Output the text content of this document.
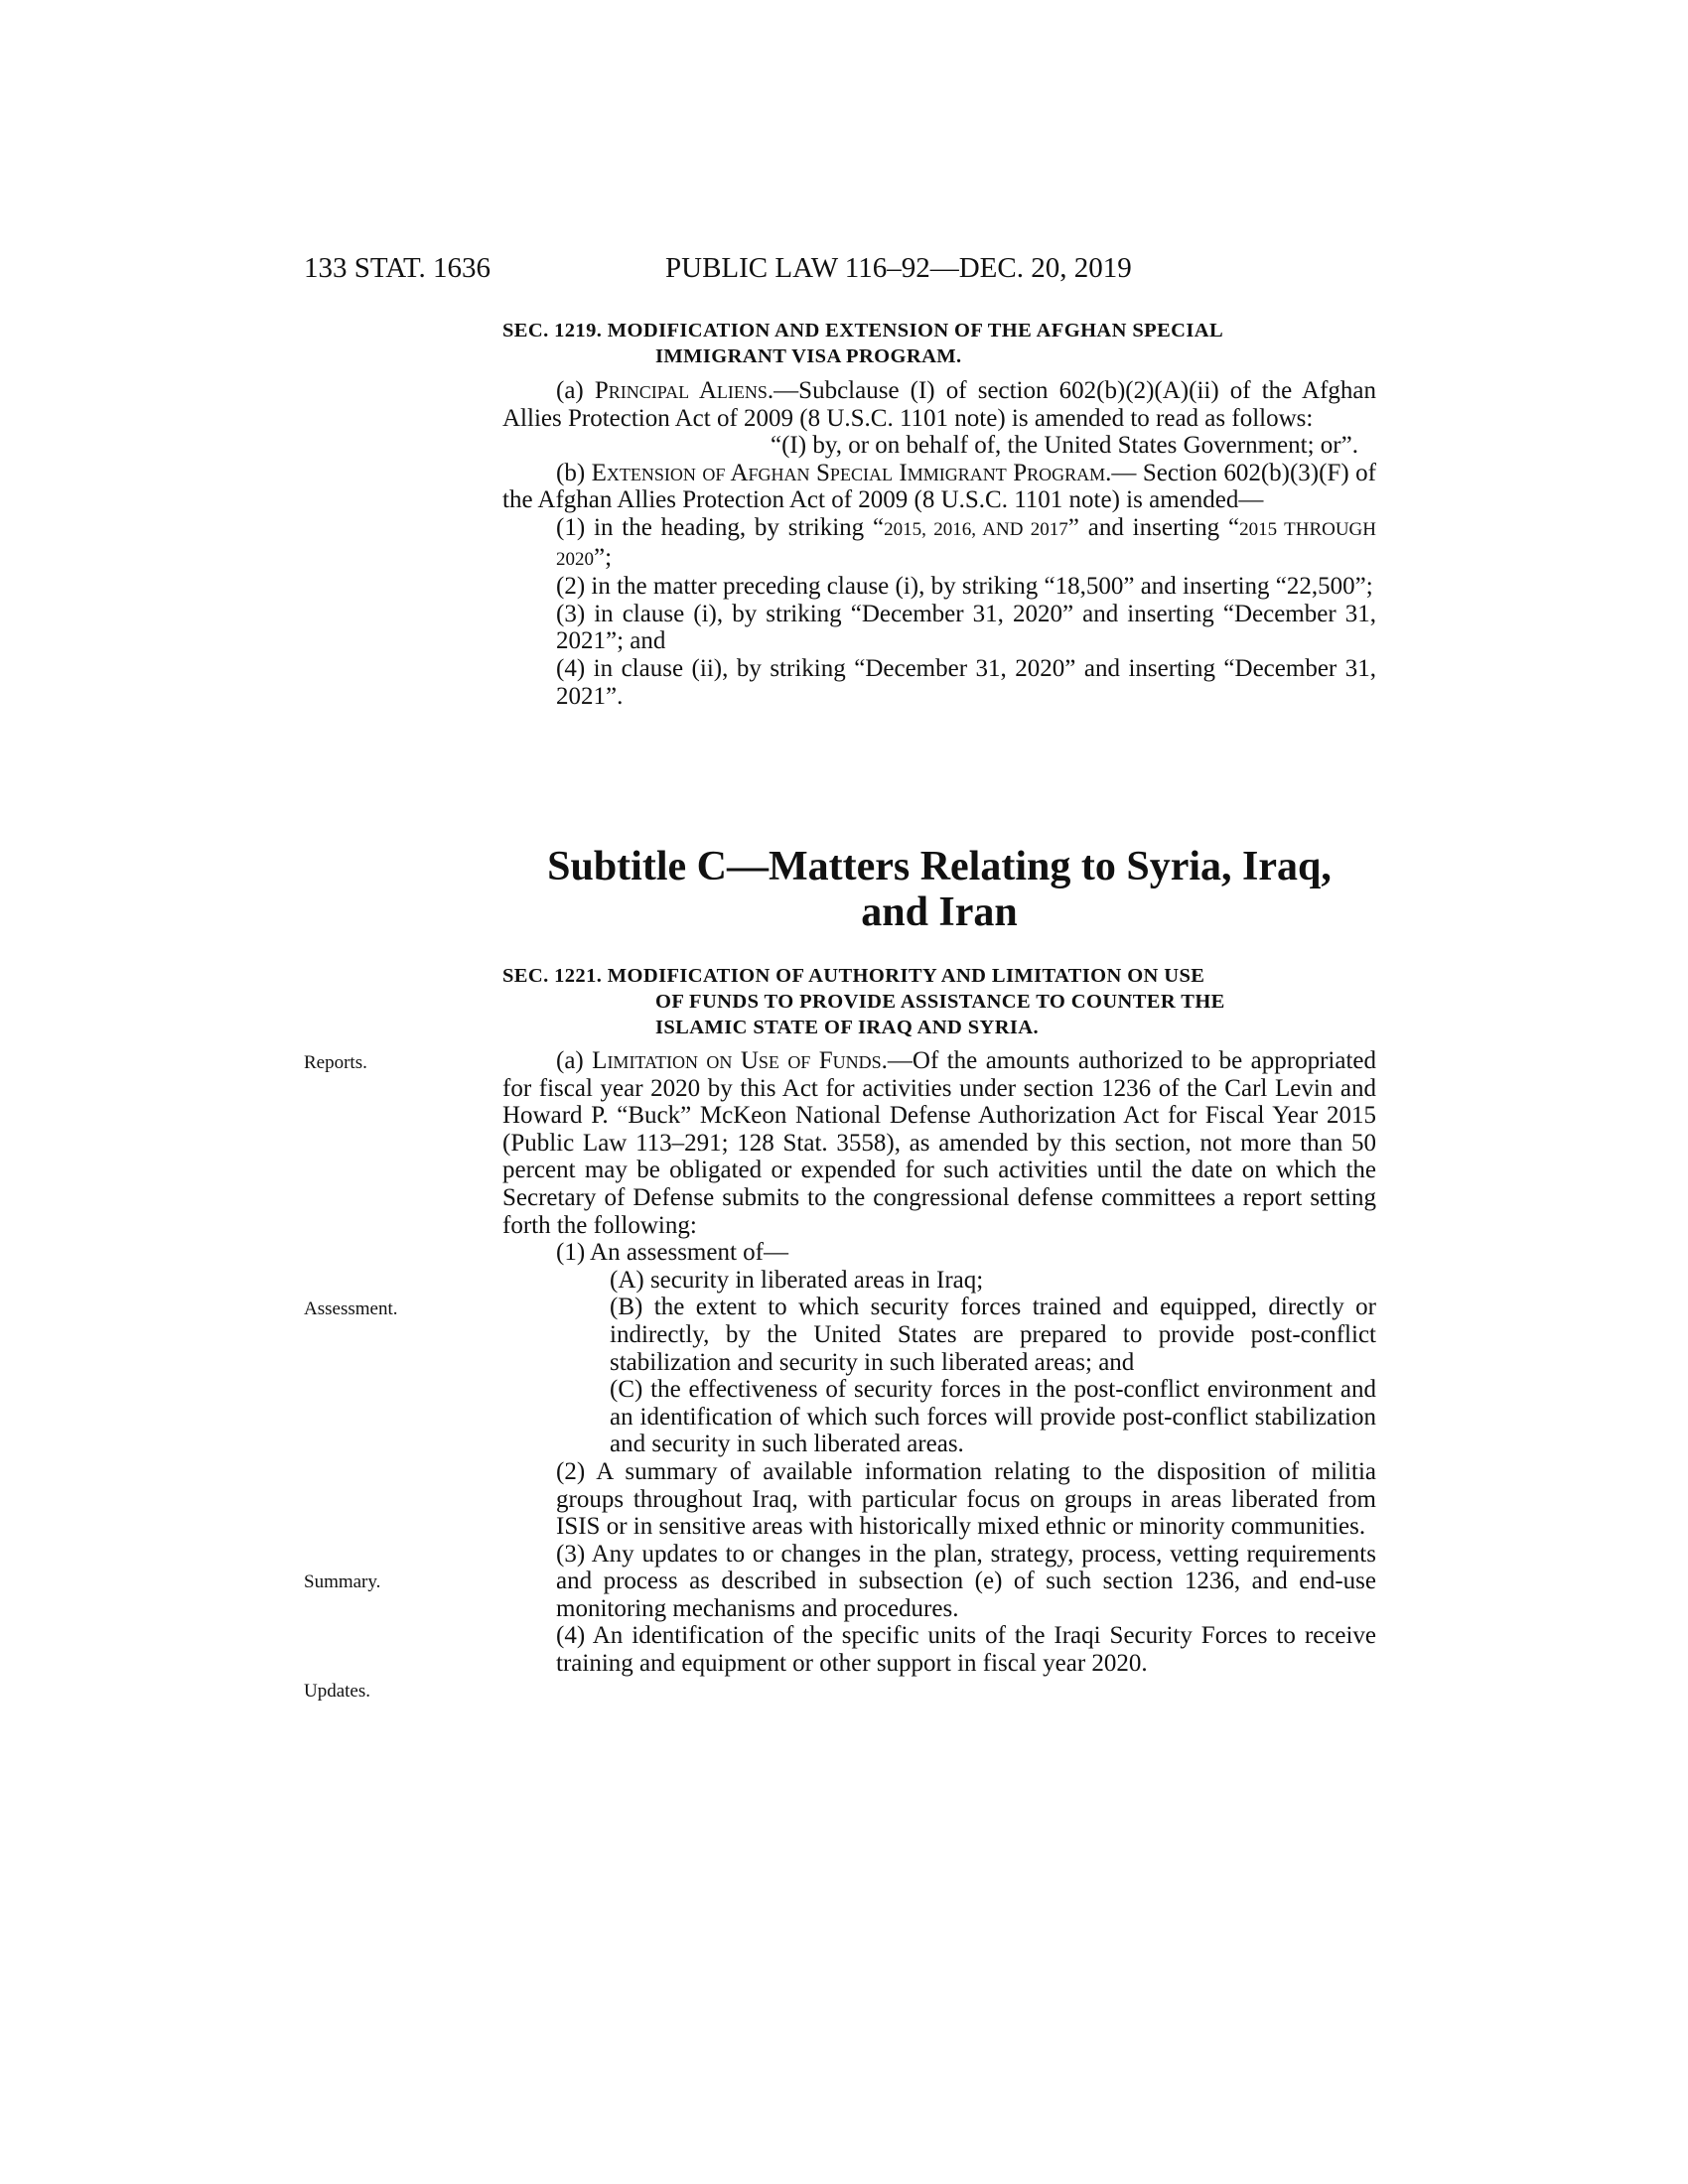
133 STAT. 1636	PUBLIC LAW 116–92—DEC. 20, 2019
SEC. 1219. MODIFICATION AND EXTENSION OF THE AFGHAN SPECIAL
IMMIGRANT VISA PROGRAM.
(a) Principal Aliens.—Subclause (I) of section 602(b)(2)(A)(ii) of the Afghan Allies Protection Act of 2009 (8 U.S.C. 1101 note) is amended to read as follows:
“(I) by, or on behalf of, the United States Government; or”.
(b) Extension of Afghan Special Immigrant Program.— Section 602(b)(3)(F) of the Afghan Allies Protection Act of 2009 (8 U.S.C. 1101 note) is amended—
(1) in the heading, by striking “2015, 2016, AND 2017” and inserting “2015 THROUGH 2020”;
(2) in the matter preceding clause (i), by striking “18,500” and inserting “22,500”;
(3) in clause (i), by striking “December 31, 2020” and inserting “December 31, 2021”; and
(4) in clause (ii), by striking “December 31, 2020” and inserting “December 31, 2021”.
Subtitle C—Matters Relating to Syria, Iraq,
and Iran
SEC. 1221. MODIFICATION OF AUTHORITY AND LIMITATION ON USE
OF FUNDS TO PROVIDE ASSISTANCE TO COUNTER THE
ISLAMIC STATE OF IRAQ AND SYRIA.
Reports.
Assessment.
Summary.
Updates.
(a) Limitation on Use of Funds.—Of the amounts authorized to be appropriated for fiscal year 2020 by this Act for activities under section 1236 of the Carl Levin and Howard P. “Buck” McKeon National Defense Authorization Act for Fiscal Year 2015 (Public Law 113–291; 128 Stat. 3558), as amended by this section, not more than 50 percent may be obligated or expended for such activities until the date on which the Secretary of Defense submits to the congressional defense committees a report setting forth the following:
(1) An assessment of—
(A) security in liberated areas in Iraq;
(B) the extent to which security forces trained and equipped, directly or indirectly, by the United States are prepared to provide post-conflict stabilization and security in such liberated areas; and
(C) the effectiveness of security forces in the post-conflict environment and an identification of which such forces will provide post-conflict stabilization and security in such liberated areas.
(2) A summary of available information relating to the disposition of militia groups throughout Iraq, with particular focus on groups in areas liberated from ISIS or in sensitive areas with historically mixed ethnic or minority communities.
(3) Any updates to or changes in the plan, strategy, process, vetting requirements and process as described in subsection (e) of such section 1236, and end-use monitoring mechanisms and procedures.
(4) An identification of the specific units of the Iraqi Security Forces to receive training and equipment or other support in fiscal year 2020.
